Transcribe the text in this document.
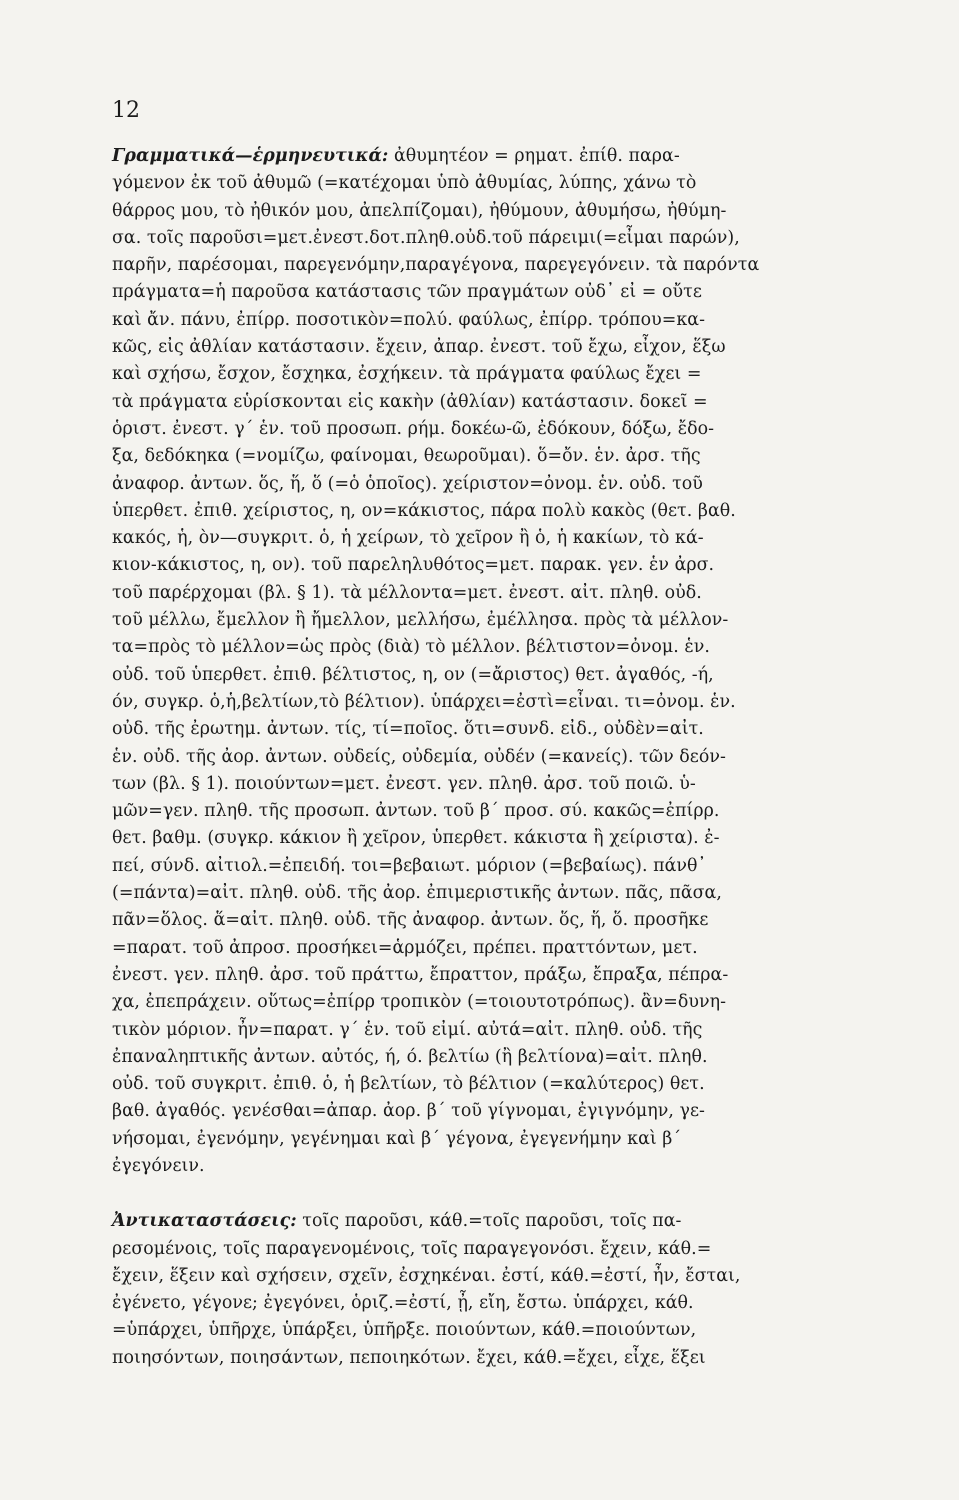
12
Γραμματικά—ἑρμηνευτικά: ἀθυμητέον = ρηματ. ἐπίθ. παρα-
γόμενον ἐκ τοῦ ἀθυμῶ (=κατέχομαι ὑπὸ ἀθυμίας, λύπης, χάνω τὸ
θάρρος μου, τὸ ἠθικόν μου, ἀπελπίζομαι), ἠθύμουν, ἀθυμήσω, ἠθύμη-
σα. τοῖς παροῦσι=μετ.ἐνεστ.δοτ.πληθ.οὐδ.τοῦ πάρειμι(=εἶμαι παρών),
παρῆν, παρέσομαι, παρεγενόμην,παραγέγονα, παρεγεγόνειν. τὰ παρόντα
πράγματα=ἡ παροῦσα κατάστασις τῶν πραγμάτων οὐδ᾽ εἰ = οὔτε
καὶ ἄν. πάνυ, ἐπίρρ. ποσοτικὸν=πολύ. φαύλως, ἐπίρρ. τρόπου=κα-
κῶς, εἰς ἀθλίαν κατάστασιν. ἔχειν, ἀπαρ. ἐνεστ. τοῦ ἔχω, εἶχον, ἕξω
καὶ σχήσω, ἔσχον, ἔσχηκα, ἐσχήκειν. τὰ πράγματα φαύλως ἔχει =
τὰ πράγματα εὑρίσκονται εἰς κακὴν (ἀθλίαν) κατάστασιν. δοκεῖ =
ὁριστ. ἐνεστ. γ΄ ἑν. τοῦ προσωπ. ρήμ. δοκέω-ῶ, ἐδόκουν, δόξω, ἔδο-
ξα, δεδόκηκα (=νομίζω, φαίνομαι, θεωροῦμαι). ὅ=ὄν. ἑν. ἀρσ. τῆς
ἀναφορ. ἀντων. ὅς, ἥ, ὅ (=ὁ ὁποῖος). χείριστον=ὀνομ. ἑν. οὐδ. τοῦ
ὑπερθετ. ἐπιθ. χείριστος, η, ον=κάκιστος, πάρα πολὺ κακὸς (θετ. βαθ.
κακός, ἡ, ὸν—συγκριτ. ὁ, ἡ χείρων, τὸ χεῖρον ἢ ὁ, ἡ κακίων, τὸ κά-
κιον-κάκιστος, η, ον). τοῦ παρεληλυθότος=μετ. παρακ. γεν. ἑν ἀρσ.
τοῦ παρέρχομαι (βλ. § 1). τὰ μέλλοντα=μετ. ἐνεστ. αἰτ. πληθ. οὐδ.
τοῦ μέλλω, ἔμελλον ἢ ἤμελλον, μελλήσω, ἐμέλλησα. πρὸς τὰ μέλλον-
τα=πρὸς τὸ μέλλον=ὡς πρὸς (διὰ) τὸ μέλλον. βέλτιστον=ὀνομ. ἑν.
οὐδ. τοῦ ὑπερθετ. ἐπιθ. βέλτιστος, η, ον (=ἄριστος) θετ. ἀγαθός, -ή,
όν, συγκρ. ὁ,ἡ,βελτίων,τὸ βέλτιον). ὑπάρχει=ἐστὶ=εἶναι. τι=ὀνομ. ἑν.
οὐδ. τῆς ἐρωτημ. ἀντων. τίς, τί=ποῖος. ὅτι=συνδ. εἰδ., οὐδὲν=αἰτ.
ἑν. οὐδ. τῆς ἀορ. ἀντων. οὐδείς, οὐδεμία, οὐδέν (=κανείς). τῶν δεόν-
των (βλ. § 1). ποιούντων=μετ. ἐνεστ. γεν. πληθ. ἀρσ. τοῦ ποιῶ. ὑ-
μῶν=γεν. πληθ. τῆς προσωπ. ἀντων. τοῦ β΄ προσ. σύ. κακῶς=ἐπίρρ.
θετ. βαθμ. (συγκρ. κάκιον ἢ χεῖρον, ὑπερθετ. κάκιστα ἢ χείριστα). ἐ-
πεί, σύνδ. αἰτιολ.=ἐπειδή. τοι=βεβαιωτ. μόριον (=βεβαίως). πάνθ᾽
(=πάντα)=αἰτ. πληθ. οὐδ. τῆς ἀορ. ἐπιμεριστικῆς ἀντων. πᾶς, πᾶσα,
πᾶν=ὅλος. ἅ=αἰτ. πληθ. οὐδ. τῆς ἀναφορ. ἀντων. ὅς, ἥ, ὅ. προσῆκε
=παρατ. τοῦ ἀπροσ. προσήκει=ἁρμόζει, πρέπει. πραττόντων, μετ.
ἐνεστ. γεν. πληθ. ἀρσ. τοῦ πράττω, ἔπραττον, πράξω, ἔπραξα, πέπρα-
χα, ἐπεπράχειν. οὕτως=ἐπίρρ τροπικὸν (=τοιουτοτρόπως). ἂν=δυνη-
τικὸν μόριον. ἦν=παρατ. γ΄ ἑν. τοῦ εἰμί. αὐτά=αἰτ. πληθ. οὐδ. τῆς
ἐπαναληπτικῆς ἀντων. αὐτός, ή, ό. βελτίω (ἢ βελτίονα)=αἰτ. πληθ.
οὐδ. τοῦ συγκριτ. ἐπιθ. ὁ, ἡ βελτίων, τὸ βέλτιον (=καλύτερος) θετ.
βαθ. ἀγαθός. γενέσθαι=ἀπαρ. ἀορ. β΄ τοῦ γίγνομαι, ἐγιγνόμην, γε-
νήσομαι, ἐγενόμην, γεγένημαι καὶ β΄ γέγονα, ἐγεγενήμην καὶ β΄
ἐγεγόνειν.
Ἀντικαταστάσεις: τοῖς παροῦσι, κάθ.=τοῖς παροῦσι, τοῖς πα-
ρεσομένοις, τοῖς παραγενομένοις, τοῖς παραγεγονόσι. ἔχειν, κάθ.=
ἔχειν, ἕξειν καὶ σχήσειν, σχεῖν, ἐσχηκέναι. ἐστί, κάθ.=ἐστί, ἦν, ἔσται,
ἐγένετο, γέγονε; ἐγεγόνει, ὁριζ.=ἐστί, ᾖ, εἴη, ἔστω. ὑπάρχει, κάθ.
=ὑπάρχει, ὑπῆρχε, ὑπάρξει, ὑπῆρξε. ποιούντων, κάθ.=ποιούντων,
ποιησόντων, ποιησάντων, πεποιηκότων. ἔχει, κάθ.=ἔχει, εἶχε, ἕξει
